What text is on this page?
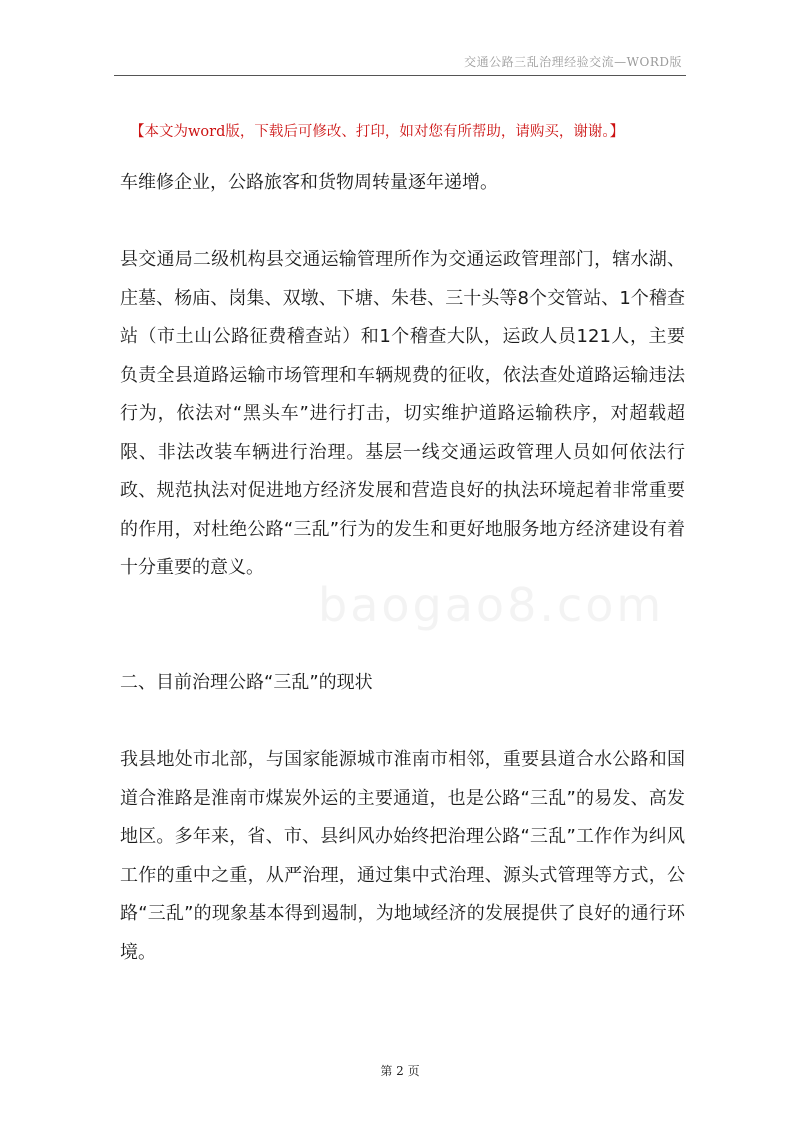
交通公路三乱治理经验交流—WORD版
【本文为word版，下载后可修改、打印，如对您有所帮助，请购买，谢谢。】

车维修企业，公路旅客和货物周转量逐年递增。

县交通局二级机构县交通运输管理所作为交通运政管理部门，辖水湖、庄墓、杨庙、岗集、双墩、下塘、朱巷、三十头等8个交管站、1个稽查站（市土山公路征费稽查站）和1个稽查大队，运政人员121人，主要负责全县道路运输市场管理和车辆规费的征收，依法查处道路运输违法行为，依法对“黑头车”进行打击，切实维护道路运输秩序，对超载超限、非法改装车辆进行治理。基层一线交通运政管理人员如何依法行政、规范执法对促进地方经济发展和营造良好的执法环境起着非常重要的作用，对杜绝公路“三乱”行为的发生和更好地服务地方经济建设有着十分重要的意义。

二、目前治理公路“三乱”的现状

我县地处市北部，与国家能源城市淮南市相邻，重要县道合水公路和国道合淮路是淮南市煤炭外运的主要通道，也是公路“三乱”的易发、高发地区。多年来，省、市、县纠风办始终把治理公路“三乱”工作作为纠风工作的重中之重，从严治理，通过集中式治理、源头式管理等方式，公路“三乱”的现象基本得到遏制，为地域经济的发展提供了良好的通行环境。

baogao8.com
第 2 页
